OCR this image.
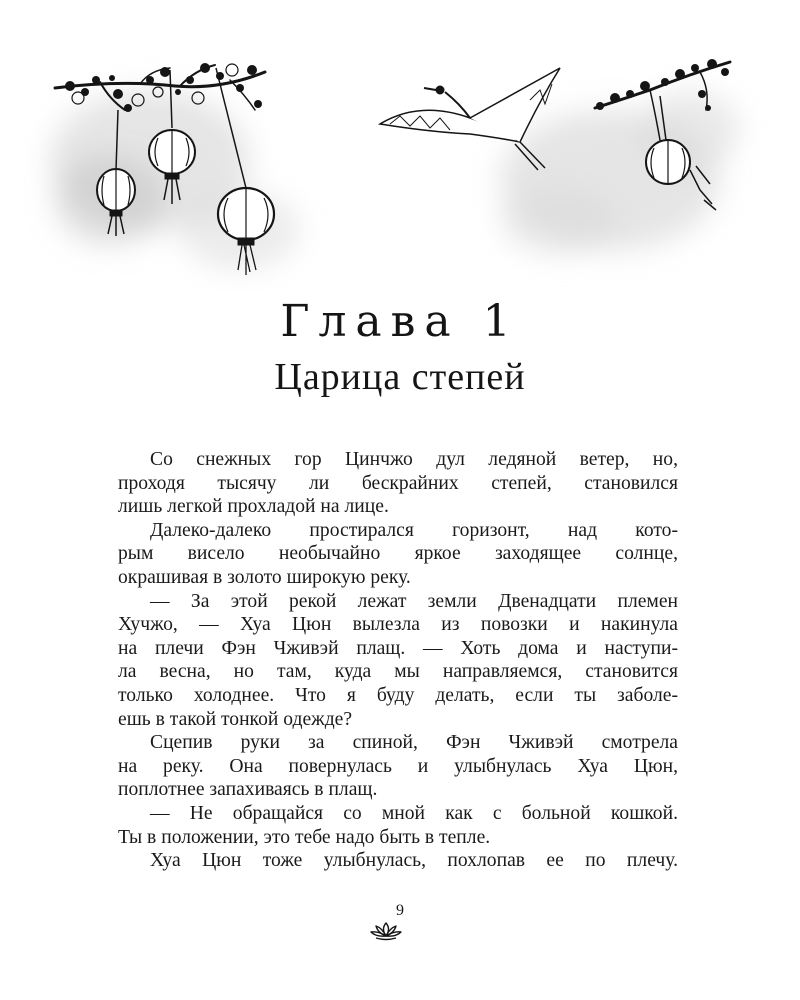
Глава 1
Царица степей
Со снежных гор Цинчжо дул ледяной ветер, но,
проходя тысячу ли бескрайних степей, становился
лишь легкой прохладой на лице.
Далеко-далеко простирался горизонт, над кото-
рым висело необычайно яркое заходящее солнце,
окрашивая в золото широкую реку.
— За этой рекой лежат земли Двенадцати племен
Хучжо, — Хуа Цюн вылезла из повозки и накинула
на плечи Фэн Чживэй плащ. — Хоть дома и наступи-
ла весна, но там, куда мы направляемся, становится
только холоднее. Что я буду делать, если ты заболе-
ешь в такой тонкой одежде?
Сцепив руки за спиной, Фэн Чживэй смотрела
на реку. Она повернулась и улыбнулась Хуа Цюн,
поплотнее запахиваясь в плащ.
— Не обращайся со мной как с больной кошкой.
Ты в положении, это тебе надо быть в тепле.
Хуа Цюн тоже улыбнулась, похлопав ее по плечу.
9
